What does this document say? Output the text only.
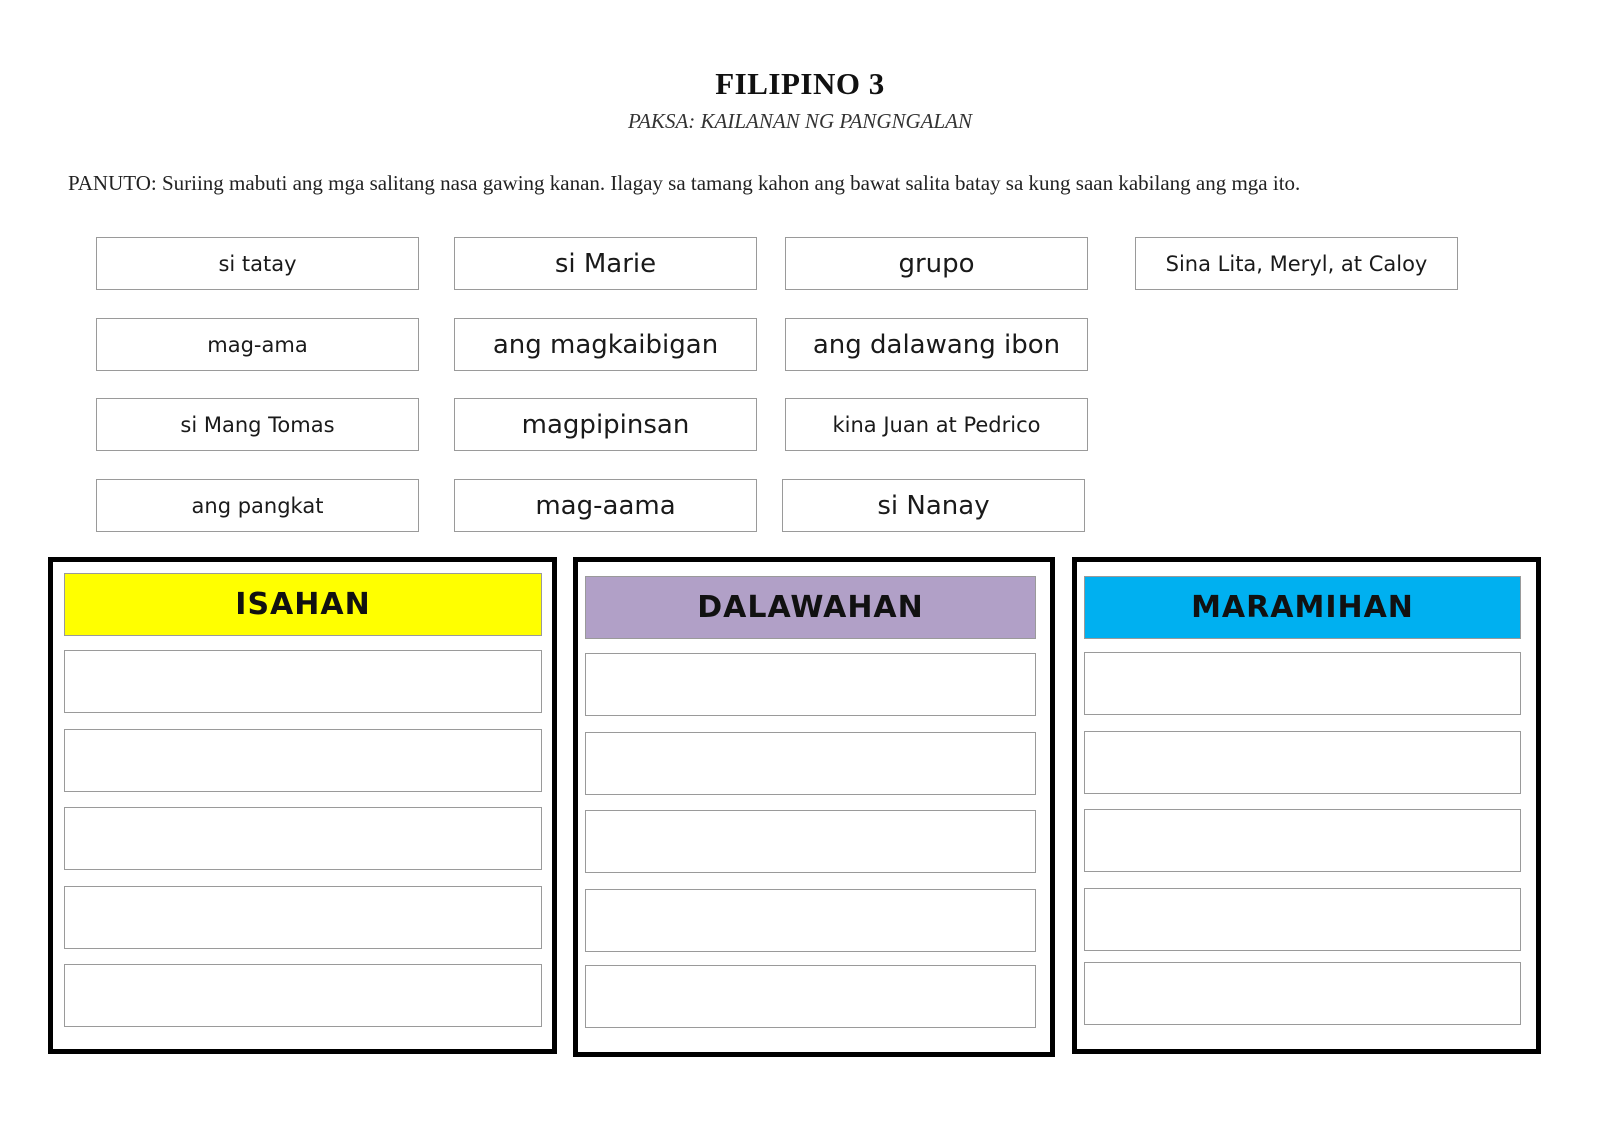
FILIPINO 3
PAKSA: KAILANAN NG PANGNGALAN
PANUTO: Suriing mabuti ang mga salitang nasa gawing kanan. Ilagay sa tamang kahon ang bawat salita batay sa kung saan kabilang ang mga ito.
si tatay	si Marie	grupo	Sina Lita, Meryl, at Caloy
mag-ama	ang magkaibigan	ang dalawang ibon
si Mang Tomas	magpipinsan	kina Juan at Pedrico
ang pangkat	mag-aama	si Nanay
ISAHAN	DALAWAHAN	MARAMIHAN
